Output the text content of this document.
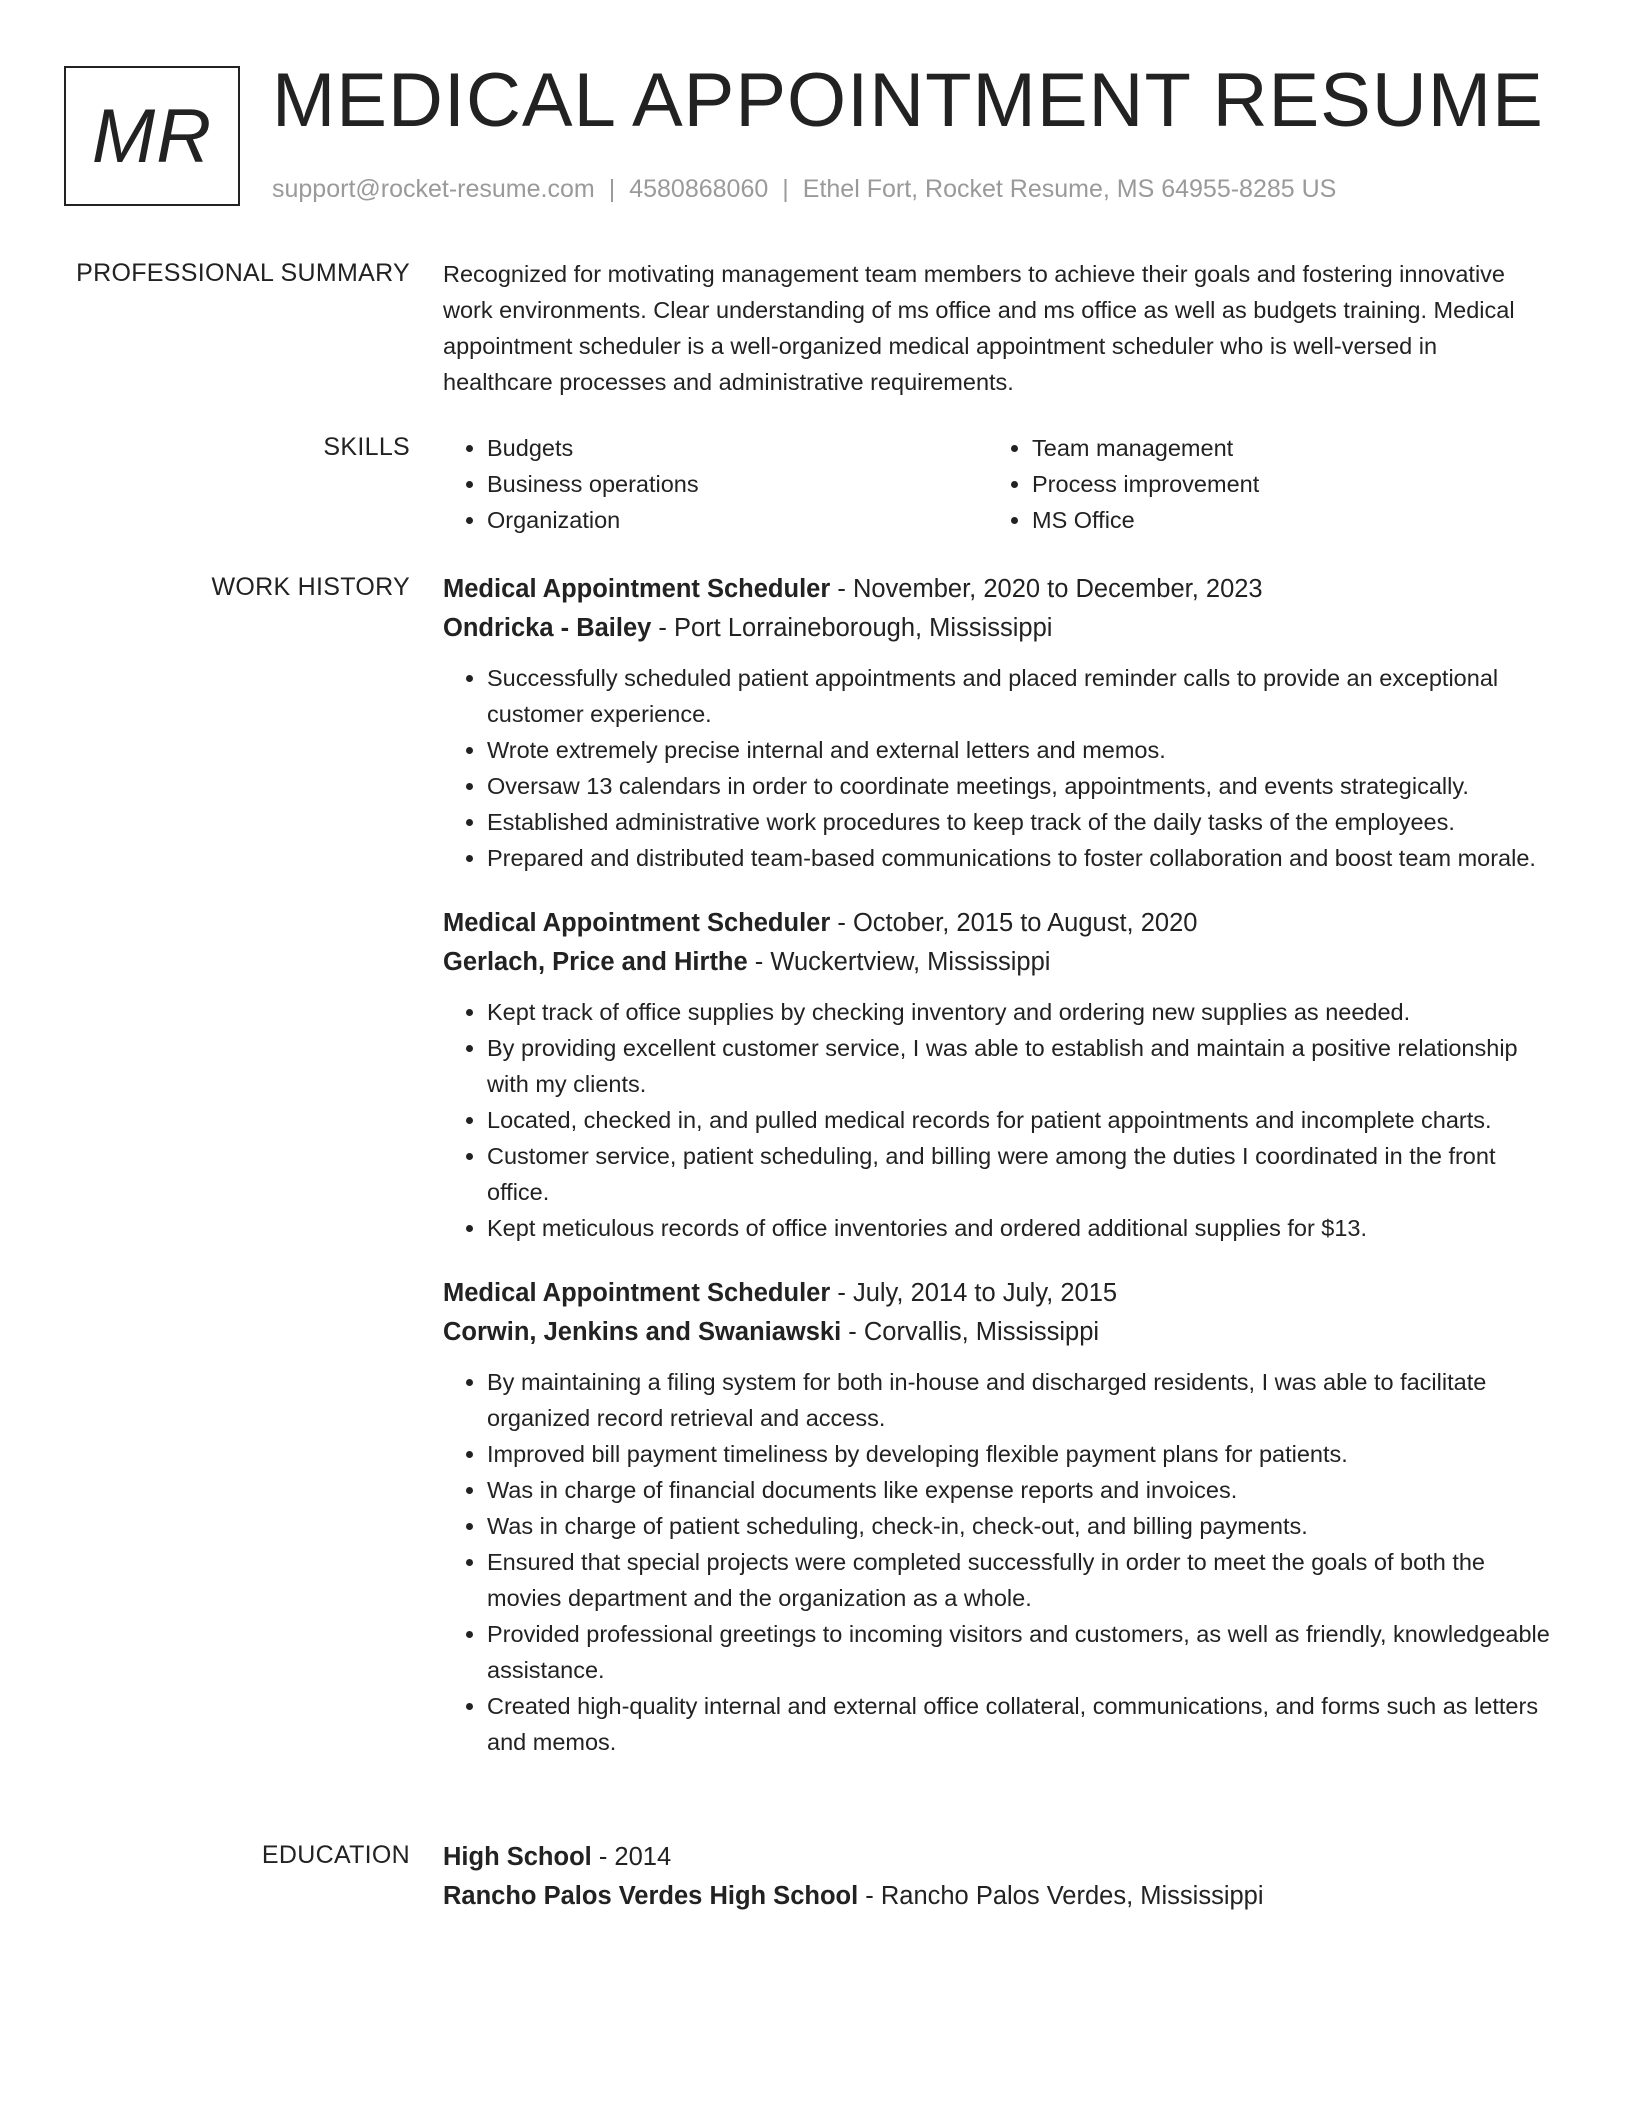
MR MEDICAL APPOINTMENT RESUME
support@rocket-resume.com | 4580868060 | Ethel Fort, Rocket Resume, MS 64955-8285 US
PROFESSIONAL SUMMARY Recognized for motivating management team members to achieve their goals and fostering innovative work environments. Clear understanding of ms office and ms office as well as budgets training. Medical appointment scheduler is a well-organized medical appointment scheduler who is well-versed in healthcare processes and administrative requirements.

SKILLS
•	Budgets
• Business operations
• Organization
• Team management
• Process improvement
• MS Office
WORK HISTORY Medical Appointment Scheduler - November, 2020 to December, 2023
Ondricka - Bailey - Port Lorraineborough, Mississippi
• Successfully scheduled patient appointments and placed reminder calls to provide an exceptional customer experience.
• Wrote extremely precise internal and external letters and memos.
• Oversaw 13 calendars in order to coordinate meetings, appointments, and events strategically.
• Established administrative work procedures to keep track of the daily tasks of the employees.
• Prepared and distributed team-based communications to foster collaboration and boost team morale.
Medical Appointment Scheduler - October, 2015 to August, 2020
Gerlach, Price and Hirthe - Wuckertview, Mississippi
• Kept track of office supplies by checking inventory and ordering new supplies as needed.
• By providing excellent customer service, I was able to establish and maintain a positive relationship with my clients.
• Located, checked in, and pulled medical records for patient appointments and incomplete charts.
• Customer service, patient scheduling, and billing were among the duties I coordinated in the front office.
• Kept meticulous records of office inventories and ordered additional supplies for $13.
Medical Appointment Scheduler - July, 2014 to July, 2015
Corwin, Jenkins and Swaniawski - Corvallis, Mississippi
• By maintaining a filing system for both in-house and discharged residents, I was able to facilitate organized record retrieval and access.
• Improved bill payment timeliness by developing flexible payment plans for patients.
• Was in charge of financial documents like expense reports and invoices.
• Was in charge of patient scheduling, check-in, check-out, and billing payments.
• Ensured that special projects were completed successfully in order to meet the goals of both the movies department and the organization as a whole.
• Provided professional greetings to incoming visitors and customers, as well as friendly, knowledgeable assistance.
• Created high-quality internal and external office collateral, communications, and forms such as letters and memos.
EDUCATION High School - 2014
Rancho Palos Verdes High School - Rancho Palos Verdes, Mississippi
